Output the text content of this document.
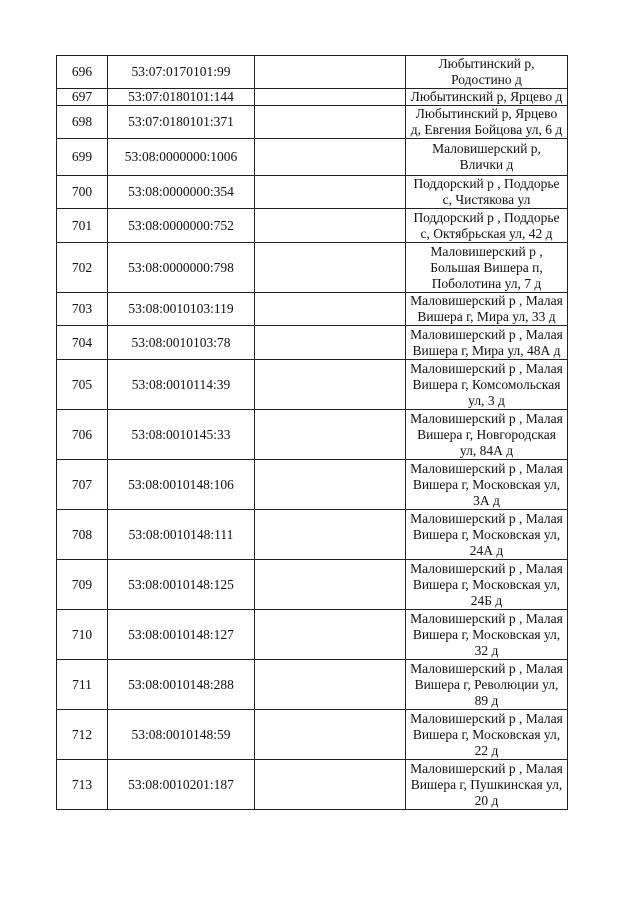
696	53:07:0170101:99		Любытинский р, Родостино д

697	53:07:0180101:144		Любытинский р, Ярцево д

698	53:07:0180101:371		Любытинский р, Ярцево д, Евгения Бойцова ул, 6 д

699	53:08:0000000:1006		Маловишерский р, Влички д

700	53:08:0000000:354		Поддорский р , Поддорье с, Чистякова ул

701	53:08:0000000:752		Поддорский р , Поддорье с, Октябрьская ул, 42 д

702	53:08:0000000:798		Маловишерский р , Большая Вишера п, Поболотина ул, 7 д

703	53:08:0010103:119		Маловишерский р , Малая Вишера г, Мира ул, 33 д

704	53:08:0010103:78		Маловишерский р , Малая Вишера г, Мира ул, 48А д

705	53:08:0010114:39		Маловишерский р , Малая Вишера г, Комсомольская ул, 3 д

706	53:08:0010145:33		Маловишерский р , Малая Вишера г, Новгородская ул, 84А д

707	53:08:0010148:106		Маловишерский р , Малая Вишера г, Московская ул, 3А д

708	53:08:0010148:111		Маловишерский р , Малая Вишера г, Московская ул, 24А д

709	53:08:0010148:125		Маловишерский р , Малая Вишера г, Московская ул, 24Б д

710	53:08:0010148:127		Маловишерский р , Малая Вишера г, Московская ул, 32 д

711	53:08:0010148:288		Маловишерский р , Малая Вишера г, Революции ул, 89 д

712	53:08:0010148:59		Маловишерский р , Малая Вишера г, Московская ул, 22 д

713	53:08:0010201:187		Маловишерский р , Малая Вишера г, Пушкинская ул, 20 д
